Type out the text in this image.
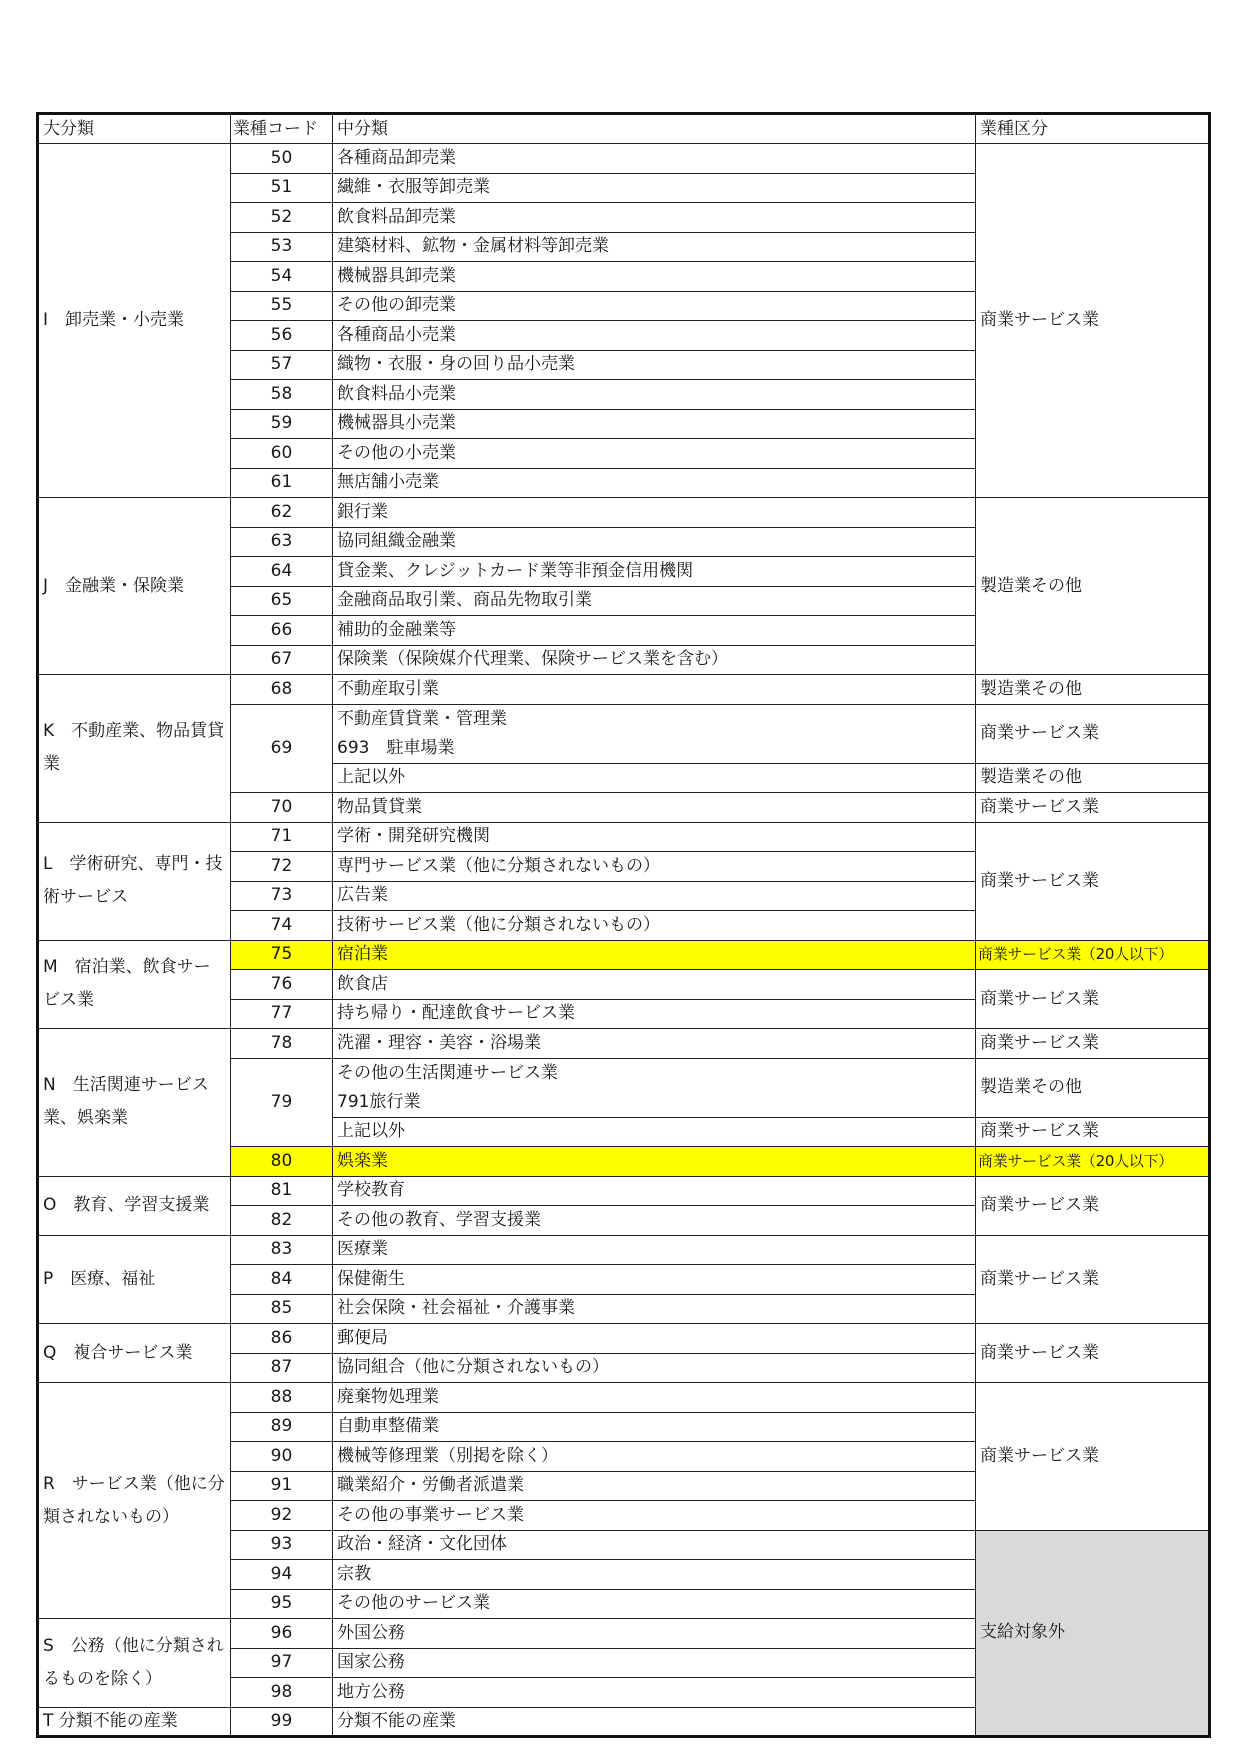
大分類	業種コード	中分類	業種区分
I　卸売業・小売業	50	各種商品卸売業	商業サービス業
	51	繊維・衣服等卸売業	
	52	飲食料品卸売業	
	53	建築材料、鉱物・金属材料等卸売業	
	54	機械器具卸売業	
	55	その他の卸売業	
	56	各種商品小売業	
	57	織物・衣服・身の回り品小売業	
	58	飲食料品小売業	
	59	機械器具小売業	
	60	その他の小売業	
	61	無店舗小売業	
J　金融業・保険業	62	銀行業	製造業その他
	63	協同組織金融業	
	64	貸金業、クレジットカード業等非預金信用機関	
	65	金融商品取引業、商品先物取引業	
	66	補助的金融業等	
	67	保険業（保険媒介代理業、保険サービス業を含む）	
K　不動産業、物品賃貸業	68	不動産取引業	製造業その他
	69	不動産賃貸業・管理業	商業サービス業
		693　駐車場業	
		上記以外	製造業その他
	70	物品賃貸業	商業サービス業
L　学術研究、専門・技術サービス	71	学術・開発研究機関	商業サービス業
	72	専門サービス業（他に分類されないもの）	
	73	広告業	
	74	技術サービス業（他に分類されないもの）	
M　宿泊業、飲食サービス業	75	宿泊業	商業サービス業（20人以下）
	76	飲食店	商業サービス業
	77	持ち帰り・配達飲食サービス業	
N　生活関連サービス業、娯楽業	78	洗濯・理容・美容・浴場業	商業サービス業
	79	その他の生活関連サービス業	製造業その他
		791旅行業	
		上記以外	商業サービス業
	80	娯楽業	商業サービス業（20人以下）
O　教育、学習支援業	81	学校教育	商業サービス業
	82	その他の教育、学習支援業	
P　医療、福祉	83	医療業	商業サービス業
	84	保健衛生	
	85	社会保険・社会福祉・介護事業	
Q　複合サービス業	86	郵便局	商業サービス業
	87	協同組合（他に分類されないもの）	
R　サービス業（他に分類されないもの）	88	廃棄物処理業	商業サービス業
	89	自動車整備業	
	90	機械等修理業（別掲を除く）	
	91	職業紹介・労働者派遣業	
	92	その他の事業サービス業	
	93	政治・経済・文化団体	支給対象外
	94	宗教	
	95	その他のサービス業	
S　公務（他に分類されるものを除く）	96	外国公務	
	97	国家公務	
	98	地方公務	
T 分類不能の産業	99	分類不能の産業	
